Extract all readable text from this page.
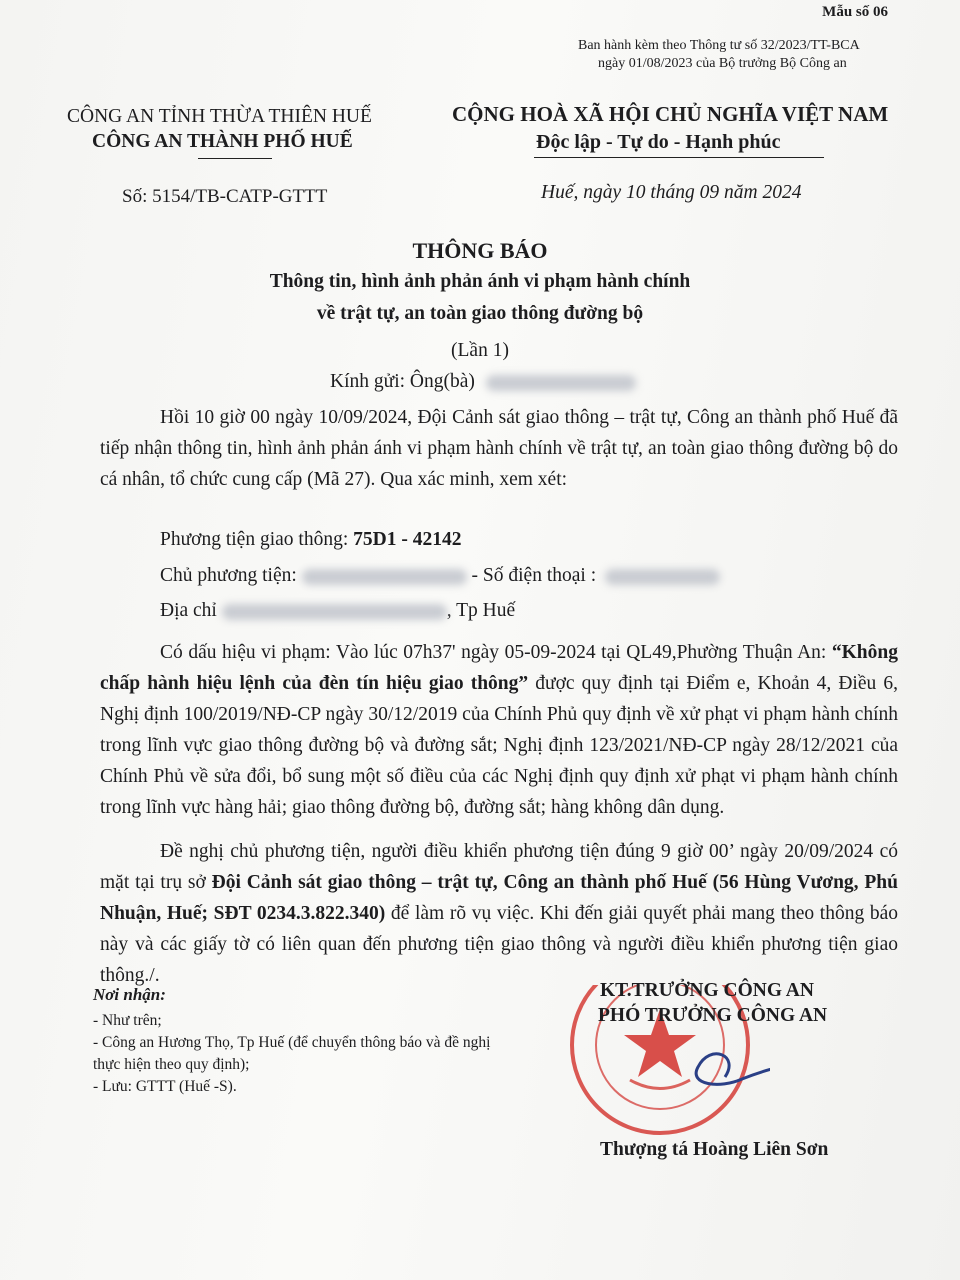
Mẫu số 06
Ban hành kèm theo Thông tư số 32/2023/TT-BCA
ngày 01/08/2023 của Bộ trưởng Bộ Công an
CÔNG AN TỈNH THỪA THIÊN HUẾ
CÔNG AN THÀNH PHỐ HUẾ
CỘNG HOÀ XÃ HỘI CHỦ NGHĨA VIỆT NAM
Độc lập - Tự do - Hạnh phúc
Số: 5154/TB-CATP-GTTT	Huế, ngày 10 tháng 09 năm 2024
THÔNG BÁO
Thông tin, hình ảnh phản ánh vi phạm hành chính
về trật tự, an toàn giao thông đường bộ
(Lần 1)
Kính gửi: Ông(bà)
Hồi 10 giờ 00 ngày 10/09/2024, Đội Cảnh sát giao thông – trật tự, Công an thành phố Huế đã tiếp nhận thông tin, hình ảnh phản ánh vi phạm hành chính về trật tự, an toàn giao thông đường bộ do cá nhân, tổ chức cung cấp (Mã 27). Qua xác minh, xem xét:
Phương tiện giao thông: 75D1 - 42142
Chủ phương tiện:	- Số điện thoại :
Địa chỉ	, Tp Huế
Có dấu hiệu vi phạm: Vào lúc 07h37' ngày 05-09-2024 tại QL49,Phường Thuận An: “Không chấp hành hiệu lệnh của đèn tín hiệu giao thông” được quy định tại Điểm e, Khoản 4, Điều 6, Nghị định 100/2019/NĐ-CP ngày 30/12/2019 của Chính Phủ quy định về xử phạt vi phạm hành chính trong lĩnh vực giao thông đường bộ và đường sắt; Nghị định 123/2021/NĐ-CP ngày 28/12/2021 của Chính Phủ về sửa đổi, bổ sung một số điều của các Nghị định quy định xử phạt vi phạm hành chính trong lĩnh vực hàng hải; giao thông đường bộ, đường sắt; hàng không dân dụng.
Đề nghị chủ phương tiện, người điều khiển phương tiện đúng 9 giờ 00’ ngày 20/09/2024 có mặt tại trụ sở Đội Cảnh sát giao thông – trật tự, Công an thành phố Huế (56 Hùng Vương, Phú Nhuận, Huế; SĐT 0234.3.822.340) để làm rõ vụ việc. Khi đến giải quyết phải mang theo thông báo này và các giấy tờ có liên quan đến phương tiện giao thông và người điều khiển phương tiện giao thông./.
Nơi nhận:
- Như trên;
- Công an Hương Thọ, Tp Huế (để chuyển thông báo và đề nghị thực hiện theo quy định);
- Lưu: GTTT (Huế -S).
KT.TRƯỞNG CÔNG AN
PHÓ TRƯỞNG CÔNG AN
Thượng tá Hoàng Liên Sơn
